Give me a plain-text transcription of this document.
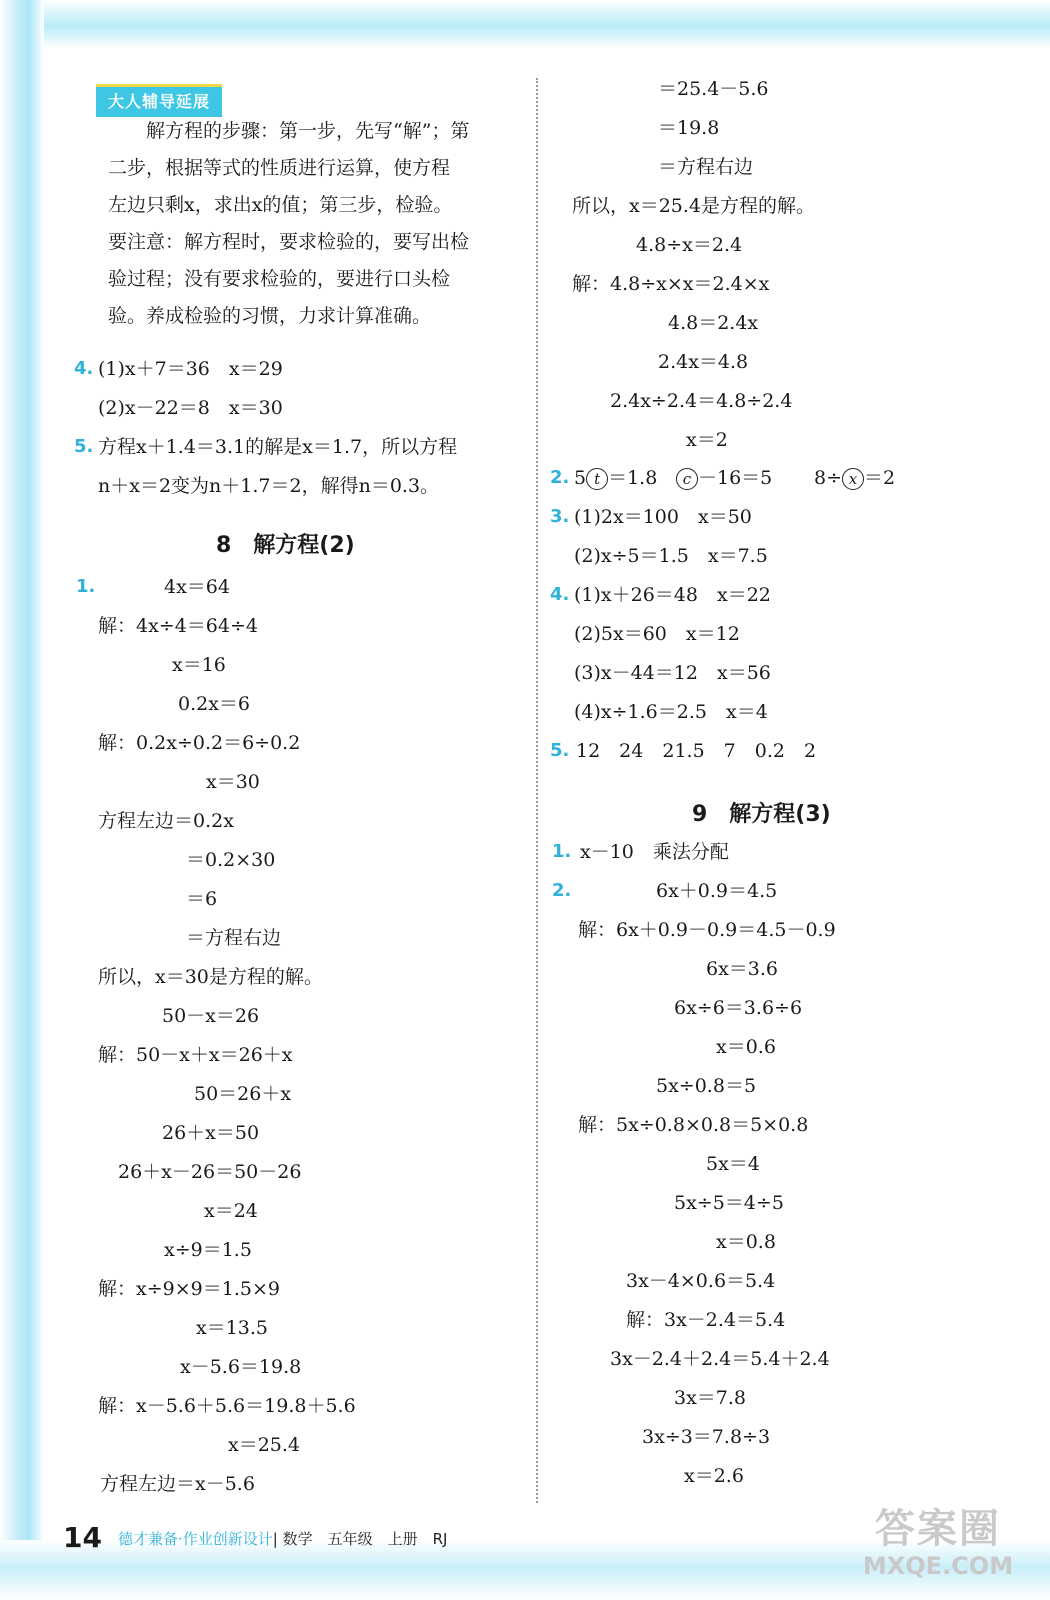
大人辅导延展
　　解方程的步骤：第一步，先写“解”；第
二步，根据等式的性质进行运算，使方程
左边只剩x，求出x的值；第三步，检验。
要注意：解方程时，要求检验的，要写出检
验过程；没有要求检验的，要进行口头检
验。养成检验的习惯，力求计算准确。
4. (1)x＋7＝36　x＝29
(2)x－22＝8　x＝30
5. 方程x＋1.4＝3.1的解是x＝1.7，所以方程
n＋x＝2变为n＋1.7＝2，解得n＝0.3。
8　解方程(2)
1.	4x＝64
解：4x÷4＝64÷4
x＝16
0.2x＝6
解：0.2x÷0.2＝6÷0.2
x＝30
方程左边＝0.2x
＝0.2×30
＝6
＝方程右边
所以，x＝30是方程的解。
50－x＝26
解：50－x＋x＝26＋x
50＝26＋x
26＋x＝50
26＋x－26＝50－26
x＝24
x÷9＝1.5
解：x÷9×9＝1.5×9
x＝13.5
x－5.6＝19.8
解：x－5.6＋5.6＝19.8＋5.6
x＝25.4
方程左边＝x－5.6
＝25.4－5.6
＝19.8
＝方程右边
所以，x＝25.4是方程的解。
4.8÷x＝2.4
解：4.8÷x×x＝2.4×x
4.8＝2.4x
2.4x＝4.8
2.4x÷2.4＝4.8÷2.4
x＝2
2. 5 t ＝1.8	c －16＝5 8÷ x ＝2
3. (1)2x＝100　x＝50
(2)x÷5＝1.5　x＝7.5
4. (1)x＋26＝48　x＝22
(2)5x＝60　x＝12
(3)x－44＝12　x＝56
(4)x÷1.6＝2.5　x＝4
5. 12　24　21.5　7　0.2　2
9　解方程(3)
1. x－10　乘法分配
2.	6x＋0.9＝4.5
解：6x＋0.9－0.9＝4.5－0.9
6x＝3.6
6x÷6＝3.6÷6
x＝0.6
5x÷0.8＝5
解：5x÷0.8×0.8＝5×0.8
5x＝4
5x÷5＝4÷5
x＝0.8
3x－4×0.6＝5.4
解：3x－2.4＝5.4
3x－2.4＋2.4＝5.4＋2.4
3x＝7.8
3x÷3＝7.8÷3
x＝2.6
14 德才兼备·作业创新设计| 数学　五年级　上册　RJ	答案圈
MXQE.COM
